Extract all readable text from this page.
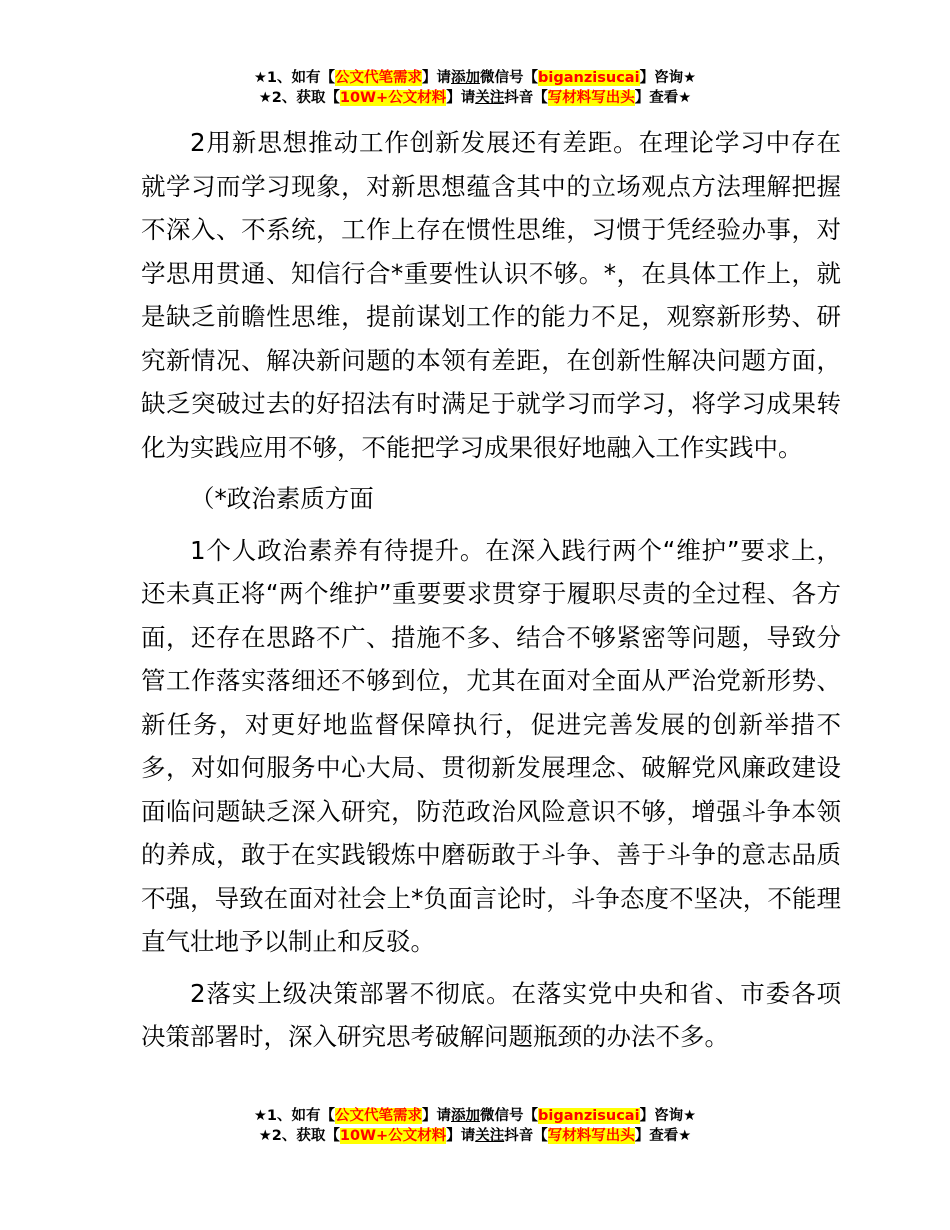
★1、如有【公文代笔需求】请添加微信号【biganzisucai】咨询★
★2、获取【10W+公文材料】请关注抖音【写材料写出头】查看★

2用新思想推动工作创新发展还有差距。在理论学习中存在就学习而学习现象，对新思想蕴含其中的立场观点方法理解把握不深入、不系统，工作上存在惯性思维，习惯于凭经验办事，对学思用贯通、知信行合*重要性认识不够。*，在具体工作上，就是缺乏前瞻性思维，提前谋划工作的能力不足，观察新形势、研究新情况、解决新问题的本领有差距，在创新性解决问题方面，缺乏突破过去的好招法有时满足于就学习而学习，将学习成果转化为实践应用不够，不能把学习成果很好地融入工作实践中。

（*政治素质方面

1个人政治素养有待提升。在深入践行两个“维护”要求上，还未真正将“两个维护”重要要求贯穿于履职尽责的全过程、各方面，还存在思路不广、措施不多、结合不够紧密等问题，导致分管工作落实落细还不够到位，尤其在面对全面从严治党新形势、新任务，对更好地监督保障执行，促进完善发展的创新举措不多，对如何服务中心大局、贯彻新发展理念、破解党风廉政建设面临问题缺乏深入研究，防范政治风险意识不够，增强斗争本领的养成，敢于在实践锻炼中磨砺敢于斗争、善于斗争的意志品质不强，导致在面对社会上*负面言论时，斗争态度不坚决，不能理直气壮地予以制止和反驳。

2落实上级决策部署不彻底。在落实党中央和省、市委各项决策部署时，深入研究思考破解问题瓶颈的办法不多。

★1、如有【公文代笔需求】请添加微信号【biganzisucai】咨询★
★2、获取【10W+公文材料】请关注抖音【写材料写出头】查看★
